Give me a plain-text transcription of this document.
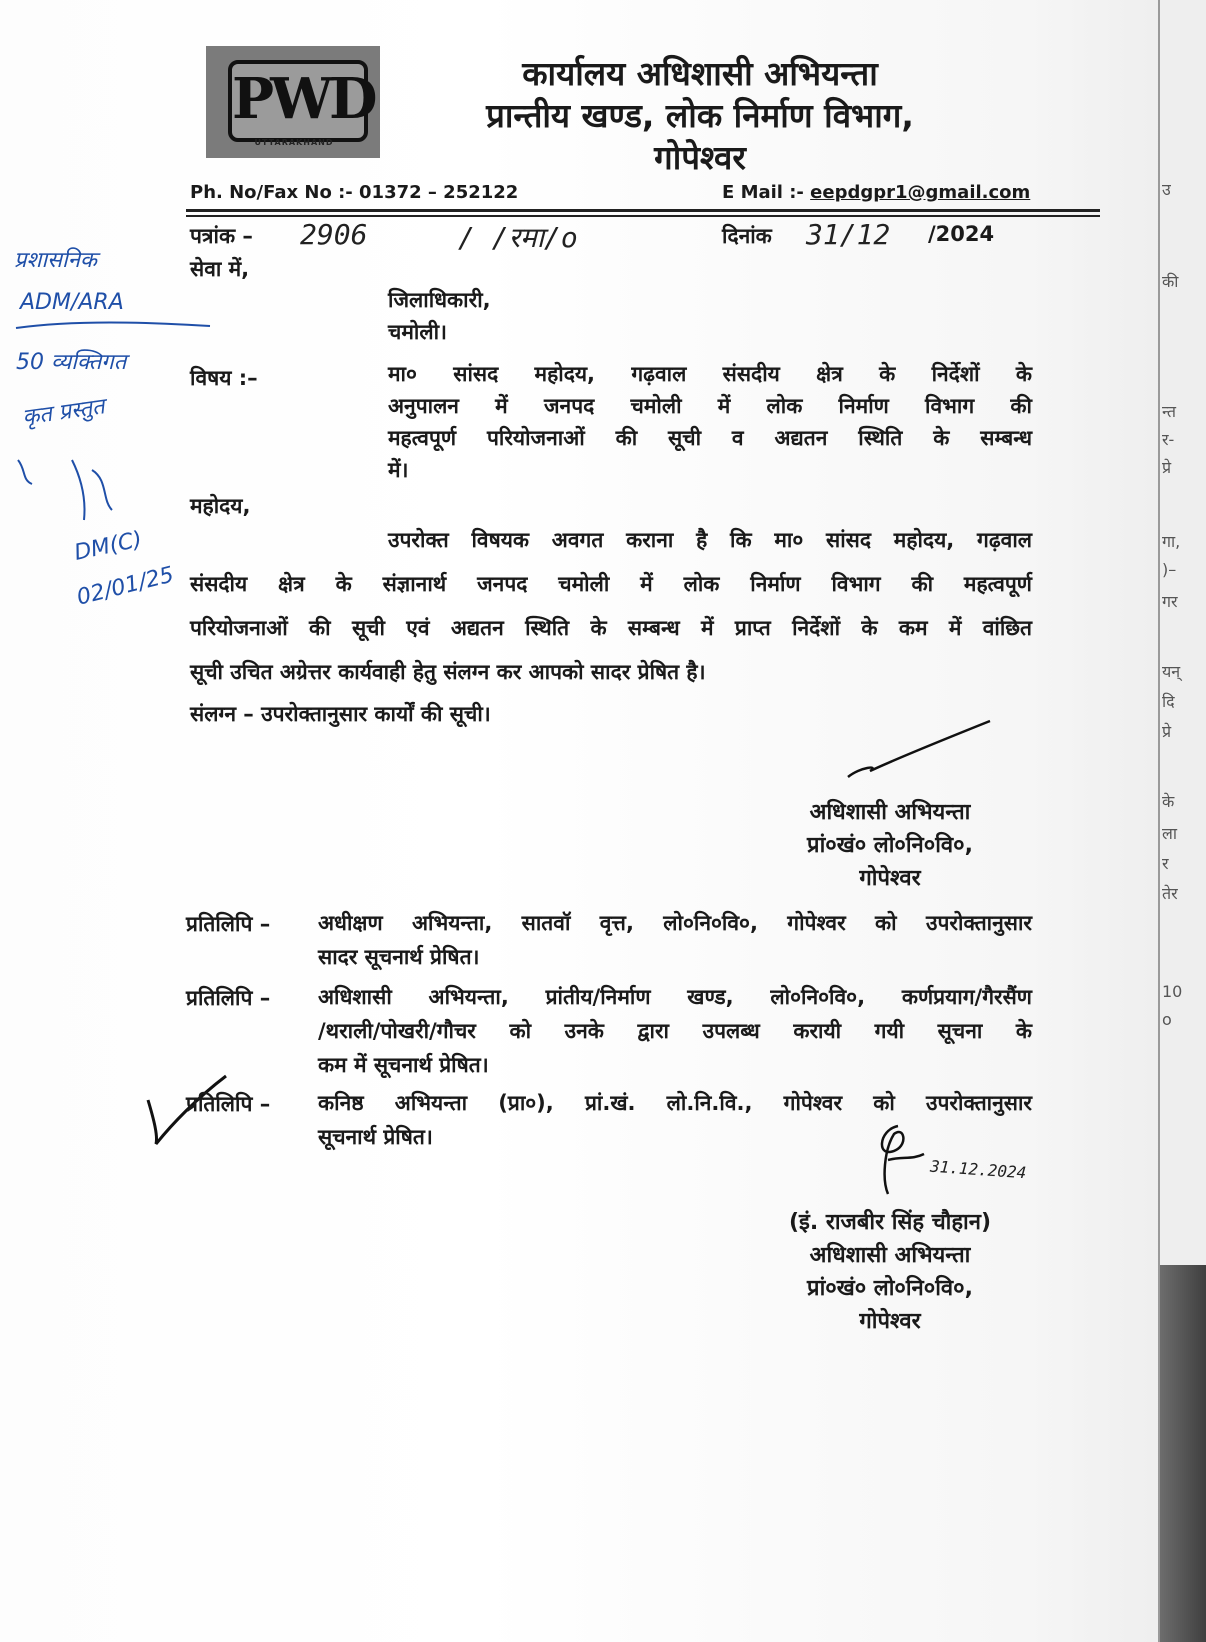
उ
की
न्त
र-
प्रे
गा,
)–
गर
यन्
दि
प्रे
के
ला
र
तेर
10
o
PWD
UTTARAKHAND
कार्यालय अधिशासी अभियन्ता
प्रान्तीय खण्ड, लोक निर्माण विभाग,
गोपेश्वर
Ph. No/Fax No :- 01372 – 252122	E Mail :- eepdgpr1@gmail.com
पत्रांक – 2906	/ /रमा/o	दिनांक 31/12 /2024
सेवा में,
जिलाधिकारी,
चमोली।
विषय :–	मा० सांसद महोदय, गढ़वाल संसदीय क्षेत्र के निर्देशों के
अनुपालन में जनपद चमोली में लोक निर्माण विभाग की
महत्वपूर्ण परियोजनाओं की सूची व अद्यतन स्थिति के सम्बन्ध
में।
महोदय,
उपरोक्त विषयक अवगत कराना है कि मा० सांसद महोदय, गढ़वाल
संसदीय क्षेत्र के संज्ञानार्थ जनपद चमोली में लोक निर्माण विभाग की महत्वपूर्ण
परियोजनाओं की सूची एवं अद्यतन स्थिति के सम्बन्ध में प्राप्त निर्देशों के कम में वांछित
सूची उचित अग्रेत्तर कार्यवाही हेतु संलग्न कर आपको सादर प्रेषित है।
संलग्न – उपरोक्तानुसार कार्यों की सूची।
अधिशासी अभियन्ता
प्रां०खं० लो०नि०वि०,
गोपेश्वर
प्रतिलिपि – अधीक्षण अभियन्ता, सातवॉ वृत्त, लो०नि०वि०, गोपेश्वर को उपरोक्तानुसार
सादर सूचनार्थ प्रेषित।
प्रतिलिपि – अधिशासी अभियन्ता, प्रांतीय/निर्माण खण्ड, लो०नि०वि०, कर्णप्रयाग/गैरसैंण
/थराली/पोखरी/गौचर को उनके द्वारा उपलब्ध करायी गयी सूचना के
कम में सूचनार्थ प्रेषित।
प्रतिलिपि – कनिष्ठ अभियन्ता (प्रा०), प्रां.खं. लो.नि.वि., गोपेश्वर को उपरोक्तानुसार
सूचनार्थ प्रेषित।
31.12.2024
(इं. राजबीर सिंह चौहान)
अधिशासी अभियन्ता
प्रां०खं० लो०नि०वि०,
गोपेश्वर
प्रशासनिक
ADM/ARA
50 व्यक्तिगत
कृत प्रस्तुत
DM(C)
02/01/25
